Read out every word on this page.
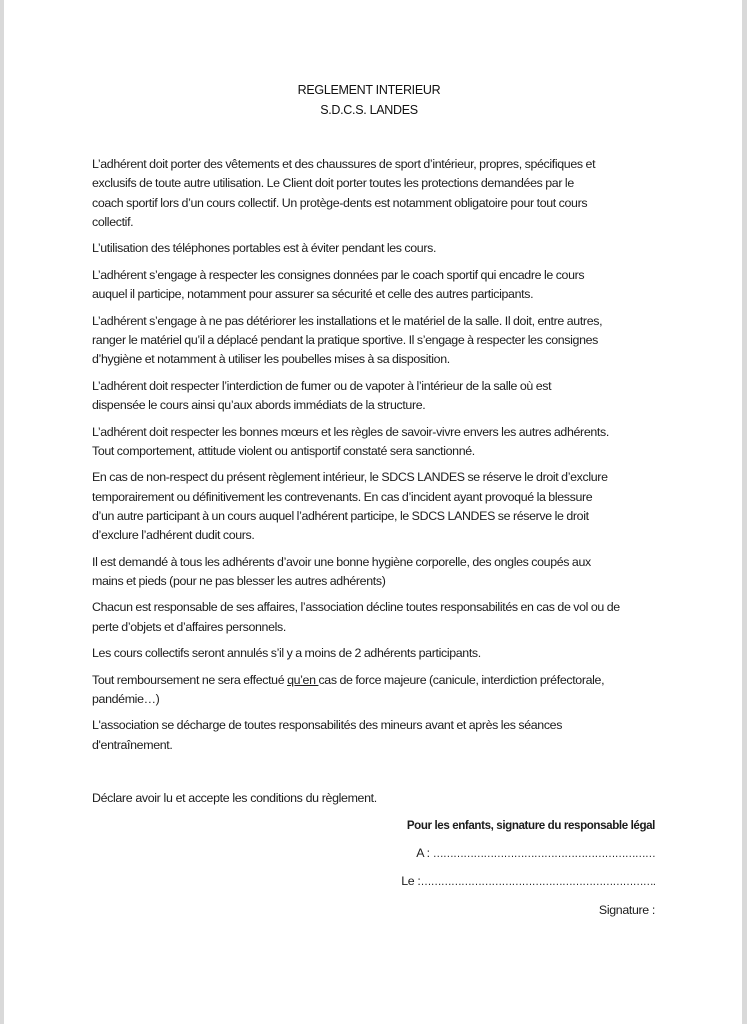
REGLEMENT INTERIEUR
S.D.C.S. LANDES

L’adhérent doit porter des vêtements et des chaussures de sport d’intérieur, propres, spécifiques et
exclusifs de toute autre utilisation. Le Client doit porter toutes les protections demandées par le
coach sportif lors d’un cours collectif. Un protège-dents est notamment obligatoire pour tout cours
collectif.

L’utilisation des téléphones portables est à éviter pendant les cours.

L’adhérent s’engage à respecter les consignes données par le coach sportif qui encadre le cours
auquel il participe, notamment pour assurer sa sécurité et celle des autres participants.

L’adhérent s’engage à ne pas détériorer les installations et le matériel de la salle. Il doit, entre autres,
ranger le matériel qu’il a déplacé pendant la pratique sportive. Il s’engage à respecter les consignes
d’hygiène et notamment à utiliser les poubelles mises à sa disposition.

L’adhérent doit respecter l’interdiction de fumer ou de vapoter à l’intérieur de la salle où est
dispensée le cours ainsi qu’aux abords immédiats de la structure.

L’adhérent doit respecter les bonnes mœurs et les règles de savoir-vivre envers les autres adhérents.
Tout comportement, attitude violent ou antisportif constaté sera sanctionné.

En cas de non-respect du présent règlement intérieur, le SDCS LANDES se réserve le droit d’exclure
temporairement ou définitivement les contrevenants. En cas d’incident ayant provoqué la blessure
d’un autre participant à un cours auquel l’adhérent participe, le SDCS LANDES se réserve le droit
d’exclure l’adhérent dudit cours.

Il est demandé à tous les adhérents d’avoir une bonne hygiène corporelle, des ongles coupés aux
mains et pieds (pour ne pas blesser les autres adhérents)

Chacun est responsable de ses affaires, l’association décline toutes responsabilités en cas de vol ou de
perte d’objets et d’affaires personnels.

Les cours collectifs seront annulés s’il y a moins de 2 adhérents participants.

Tout remboursement ne sera effectué qu’en cas de force majeure (canicule, interdiction préfectorale,
pandémie…)

L'association se décharge de toutes responsabilités des mineurs avant et après les séances
d'entraînement.

Déclare avoir lu et accepte les conditions du règlement.
Pour les enfants, signature du responsable légal
A : …………………………………………………………
Le :…………………………………………………………….
Signature :
